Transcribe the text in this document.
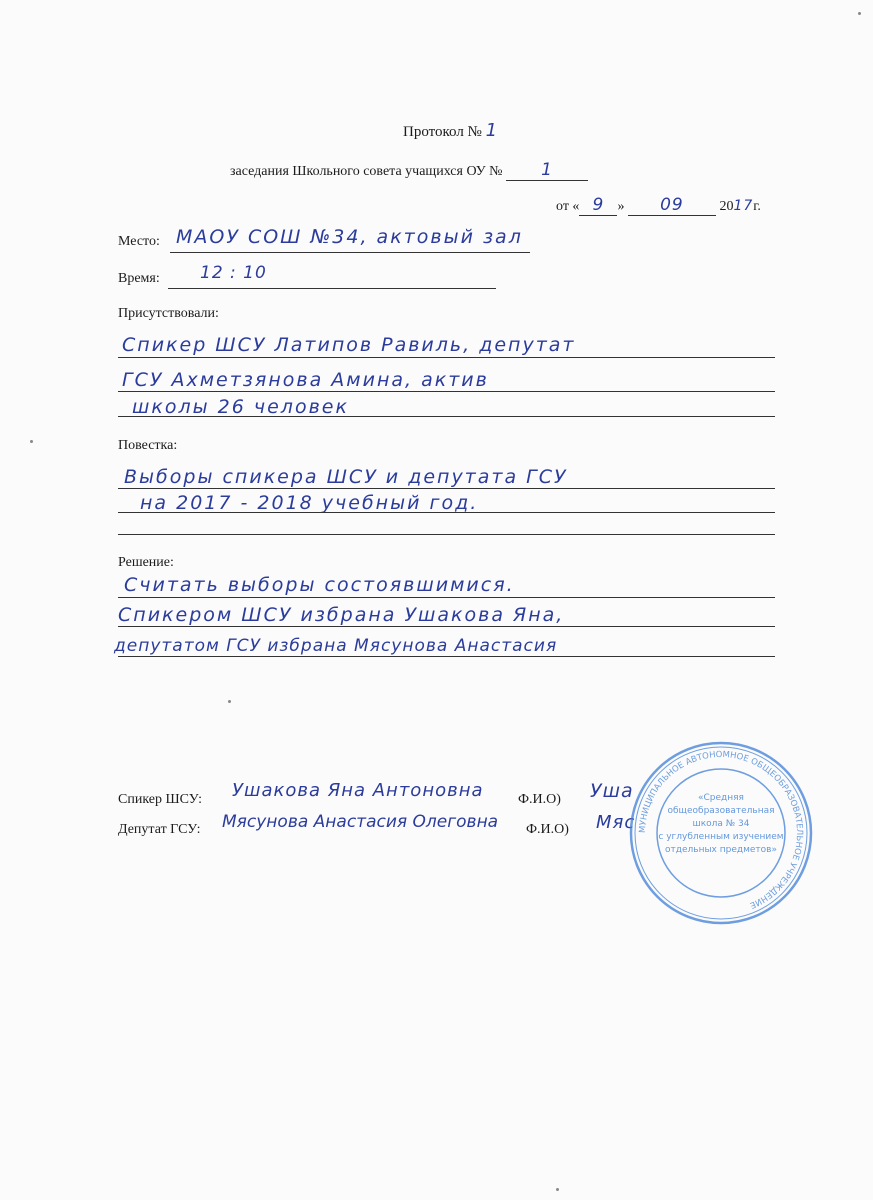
Протокол № 1
заседания Школьного совета учащихся ОУ № 1
от « 9 » 09	2017г.
Место: МАОУ СОШ №34, актовый зал
Время: 12 : 10
Присутствовали:
Спикер ШСУ Латипов Равиль, депутат
ГСУ Ахметзянова Амина, актив
школы 26 человек
Повестка:
Выборы спикера ШСУ и депутата ГСУ
на 2017 - 2018 учебный год.
Решение:
Считать выборы состоявшимися.
Спикером ШСУ избрана Ушакова Яна,
депутатом ГСУ избрана Мясунова Анастасия
Спикер ШСУ: Ушакова Яна Антоновна Ф.И.О) Уша
Депутат ГСУ: Мясунова Анастасия Олеговна Ф.И.О) Мяс МУНИЦИПАЛЬНОЕ АВТОНОМНОЕ ОБЩЕОБРАЗОВАТЕЛЬНОЕ УЧРЕЖДЕНИЕ
«Средняя
общеобразовательная
школа № 34
с углубленным изучением
отдельных предметов»
